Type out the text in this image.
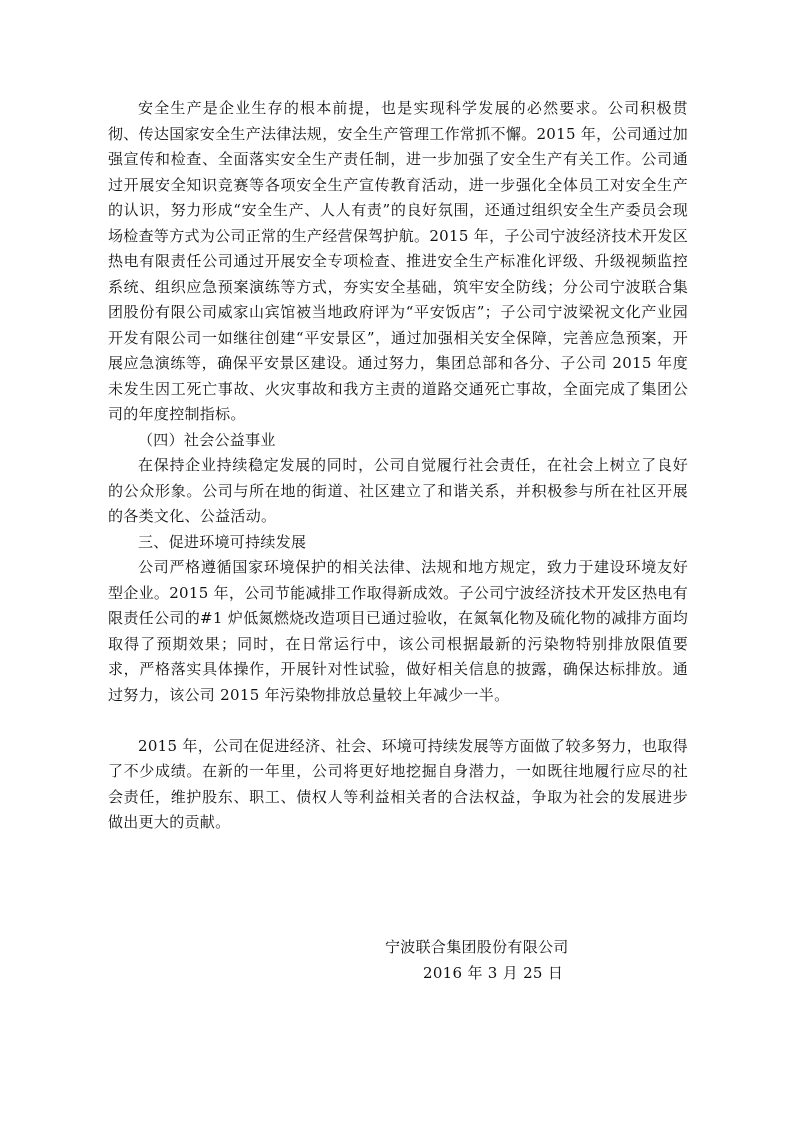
安全生产是企业生存的根本前提，也是实现科学发展的必然要求。公司积极贯彻、传达国家安全生产法律法规，安全生产管理工作常抓不懈。2015 年，公司通过加强宣传和检查、全面落实安全生产责任制，进一步加强了安全生产有关工作。公司通过开展安全知识竞赛等各项安全生产宣传教育活动，进一步强化全体员工对安全生产的认识，努力形成“安全生产、人人有责”的良好氛围，还通过组织安全生产委员会现场检查等方式为公司正常的生产经营保驾护航。2015 年，子公司宁波经济技术开发区热电有限责任公司通过开展安全专项检查、推进安全生产标准化评级、升级视频监控系统、组织应急预案演练等方式，夯实安全基础，筑牢安全防线；分公司宁波联合集团股份有限公司威家山宾馆被当地政府评为“平安饭店”；子公司宁波梁祝文化产业园开发有限公司一如继往创建“平安景区”，通过加强相关安全保障，完善应急预案，开展应急演练等，确保平安景区建设。通过努力，集团总部和各分、子公司 2015 年度未发生因工死亡事故、火灾事故和我方主责的道路交通死亡事故，全面完成了集团公司的年度控制指标。

（四）社会公益事业

在保持企业持续稳定发展的同时，公司自觉履行社会责任，在社会上树立了良好的公众形象。公司与所在地的街道、社区建立了和谐关系，并积极参与所在社区开展的各类文化、公益活动。

三、促进环境可持续发展

公司严格遵循国家环境保护的相关法律、法规和地方规定，致力于建设环境友好型企业。2015 年，公司节能减排工作取得新成效。子公司宁波经济技术开发区热电有限责任公司的#1 炉低氮燃烧改造项目已通过验收，在氮氧化物及硫化物的减排方面均取得了预期效果；同时，在日常运行中，该公司根据最新的污染物特别排放限值要求，严格落实具体操作，开展针对性试验，做好相关信息的披露，确保达标排放。通过努力，该公司 2015 年污染物排放总量较上年减少一半。

2015 年，公司在促进经济、社会、环境可持续发展等方面做了较多努力，也取得了不少成绩。在新的一年里，公司将更好地挖掘自身潜力，一如既往地履行应尽的社会责任，维护股东、职工、债权人等利益相关者的合法权益，争取为社会的发展进步做出更大的贡献。

宁波联合集团股份有限公司

2016 年 3 月 25 日
